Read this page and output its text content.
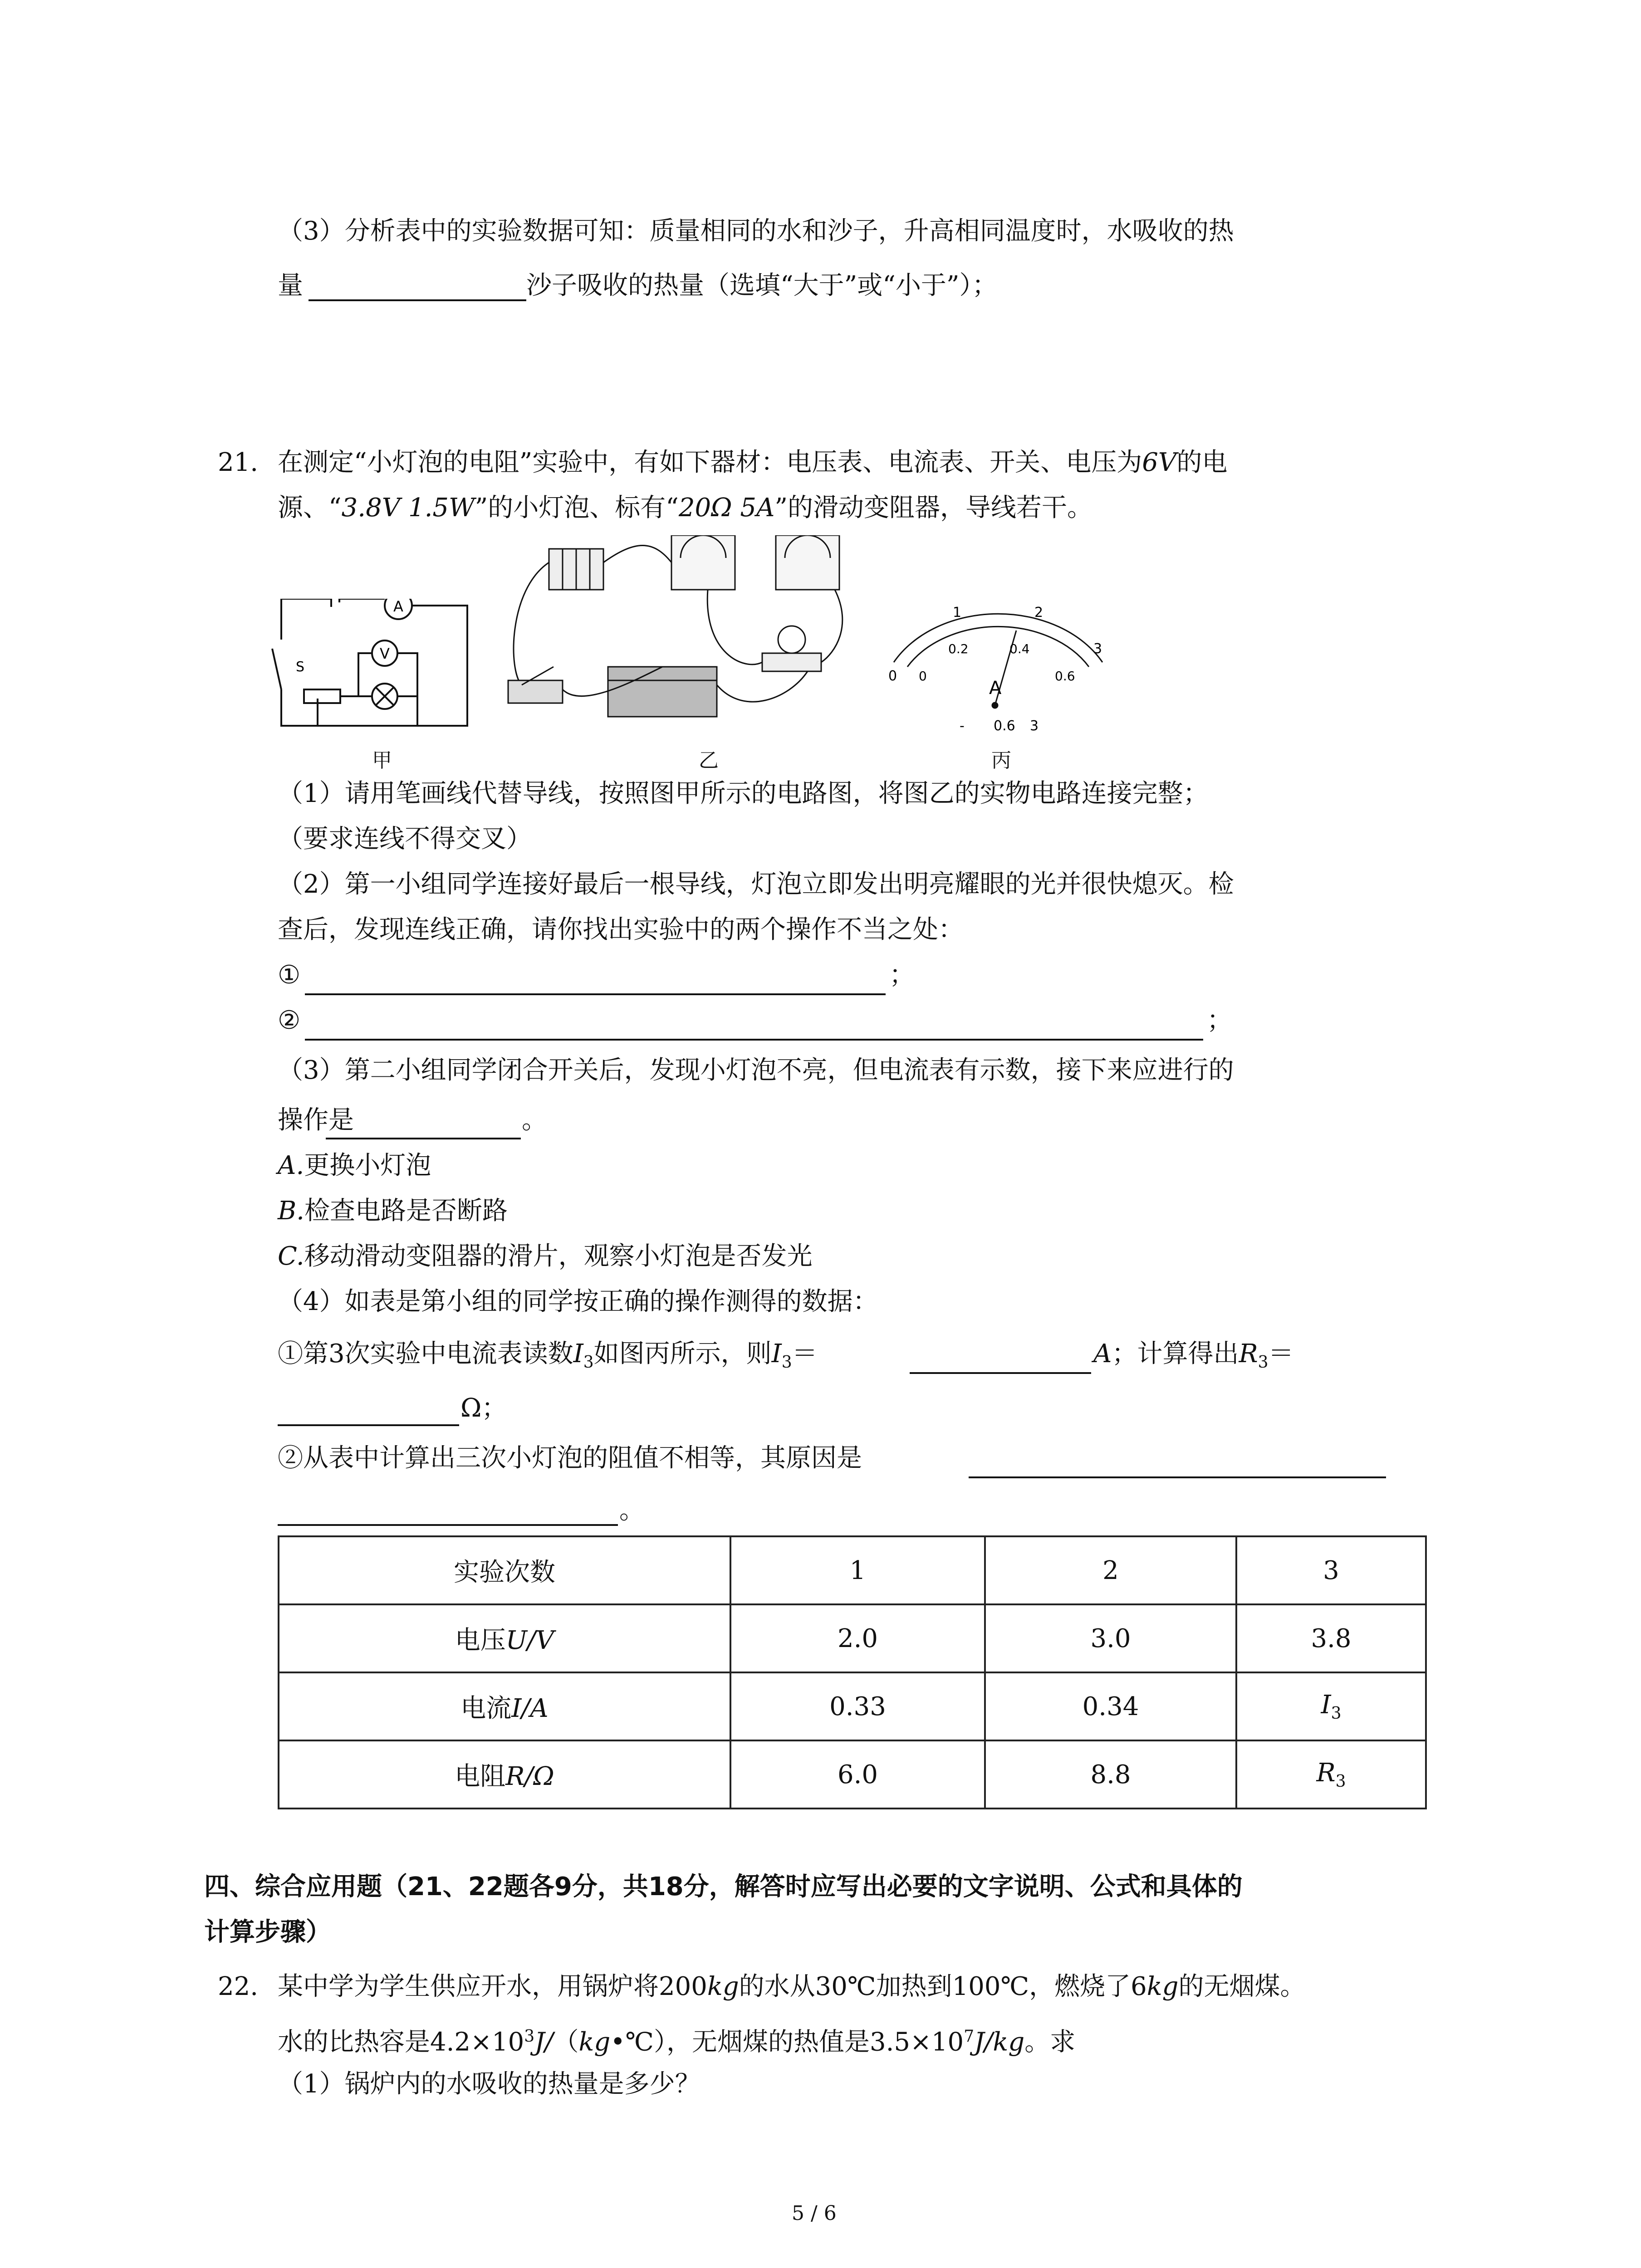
（3）分析表中的实验数据可知：质量相同的水和沙子，升高相同温度时，水吸收的热
量	沙子吸收的热量（选填“大于”或“小于”）；
21. 在测定“小灯泡的电阻”实验中，有如下器材：电压表、电流表、开关、电压为6V的电
源、“3.8V 1.5W”的小灯泡、标有“20Ω 5A”的滑动变阻器，导线若干。
A
V
S
甲	乙
0
1	2
3
0
0.2	0.4
0.6
A
- 0.6 3
丙
（1）请用笔画线代替导线，按照图甲所示的电路图，将图乙的实物电路连接完整；
（要求连线不得交叉）
（2）第一小组同学连接好最后一根导线，灯泡立即发出明亮耀眼的光并很快熄灭。检
查后，发现连线正确，请你找出实验中的两个操作不当之处：
①	；
②	；
（3）第二小组同学闭合开关后，发现小灯泡不亮，但电流表有示数，接下来应进行的
操作是	。
A.更换小灯泡
B.检查电路是否断路
C.移动滑动变阻器的滑片，观察小灯泡是否发光
（4）如表是第小组的同学按正确的操作测得的数据：
①第3次实验中电流表读数$I_3$如图丙所示，则$I_3=$	A；计算得出$R_3=$
Ω；
②从表中计算出三次小灯泡的阻值不相等，其原因是
。
实验次数	1	2	3
电压U/V	2.0	3.0	3.8
电流I/A	0.33	0.34	$I_3$
电阻R/Ω	6.0	8.8	$R_3$
四、综合应用题（21、22题各9分，共18分，解答时应写出必要的文字说明、公式和具体的
计算步骤）
22. 某中学为学生供应开水，用锅炉将200kg的水从30℃加热到100℃，燃烧了6kg的无烟煤。
水的比热容是$4.2\times 10^3J/(kg•℃)$，无烟煤的热值是$3.5\times 10^7J/kg$。求
（1）锅炉内的水吸收的热量是多少？
5 / 6
